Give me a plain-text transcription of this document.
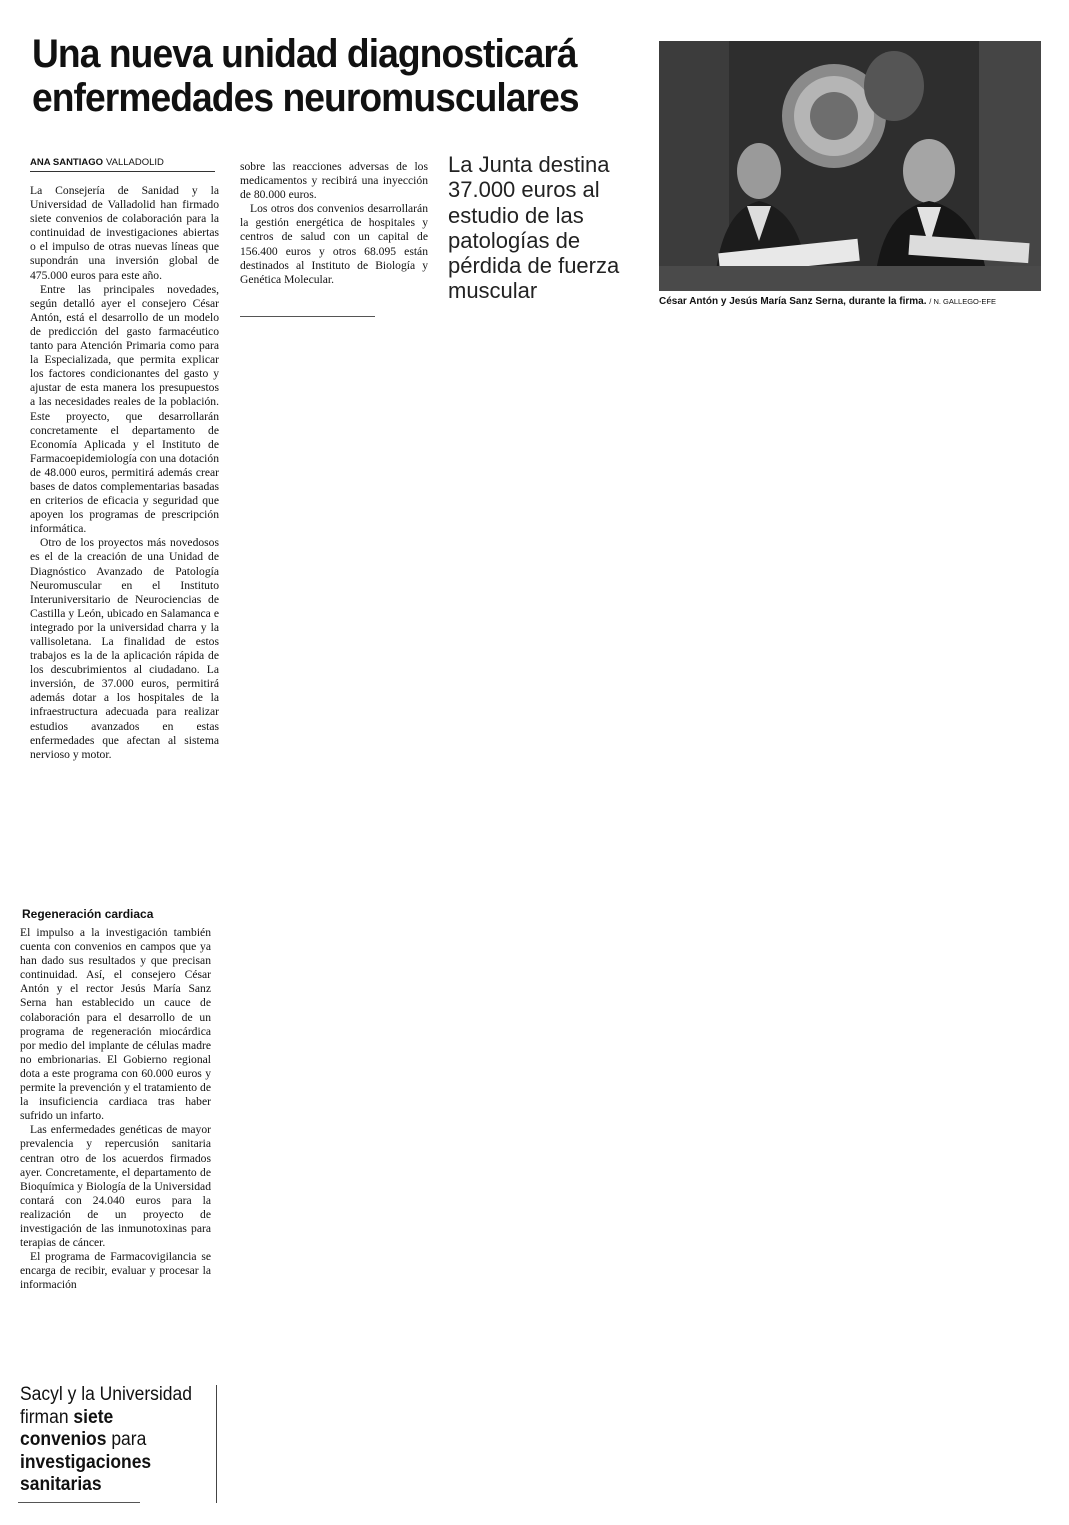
Una nueva unidad diagnosticará
enfermedades neuromusculares
ANA SANTIAGO VALLADOLID

La Consejería de Sanidad y la Universidad de Valladolid han firmado siete convenios de colaboración para la continuidad de investigaciones abiertas o el impulso de otras nuevas líneas que supondrán una inversión global de 475.000 euros para este año.

Entre las principales novedades, según detalló ayer el consejero César Antón, está el desarrollo de un modelo de predicción del gasto farmacéutico tanto para Atención Primaria como para la Especializada, que permita explicar los factores condicionantes del gasto y ajustar de esta manera los presupuestos a las necesidades reales de la población. Este proyecto, que desarrollarán concretamente el departamento de Economía Aplicada y el Instituto de Farmacoepidemiología con una dotación de 48.000 euros, permitirá además crear bases de datos complementarias basadas en criterios de eficacia y seguridad que apoyen los programas de prescripción informática.

Otro de los proyectos más novedosos es el de la creación de una Unidad de Diagnóstico Avanzado de Patología Neuromuscular en el Instituto Interuniversitario de Neurociencias de Castilla y León, ubicado en Salamanca e integrado por la universidad charra y la vallisoletana. La finalidad de estos trabajos es la de la aplicación rápida de los descubrimientos al ciudadano. La inversión, de 37.000 euros, permitirá además dotar a los hospitales de la infraestructura adecuada para realizar estudios avanzados en estas enfermedades que afectan al sistema nervioso y motor.

Regeneración cardiaca

El impulso a la investigación también cuenta con convenios en campos que ya han dado sus resultados y que precisan continuidad. Así, el consejero César Antón y el rector Jesús María Sanz Serna han establecido un cauce de colaboración para el desarrollo de un programa de regeneración miocárdica por medio del implante de células madre no embrionarias. El Gobierno regional dota a este programa con 60.000 euros y permite la prevención y el tratamiento de la insuficiencia cardiaca tras haber sufrido un infarto.

Las enfermedades genéticas de mayor prevalencia y repercusión sanitaria centran otro de los acuerdos firmados ayer. Concretamente, el departamento de Bioquímica y Biología de la Universidad contará con 24.040 euros para la realización de un proyecto de investigación de las inmunotoxinas para terapias de cáncer.

El programa de Farmacovigilancia se encarga de recibir, evaluar y procesar la información

Sacyl y la Universidad firman siete convenios para investigaciones sanitarias

sobre las reacciones adversas de los medicamentos y recibirá una inyección de 80.000 euros.

Los otros dos convenios desarrollarán la gestión energética de hospitales y centros de salud con un capital de 156.400 euros y otros 68.095 están destinados al Instituto de Biología y Genética Molecular.

La Junta destina 37.000 euros al estudio de las patologías de pérdida de fuerza muscular	César Antón y Jesús María Sanz Serna, durante la firma. / N. GALLEGO-EFE
